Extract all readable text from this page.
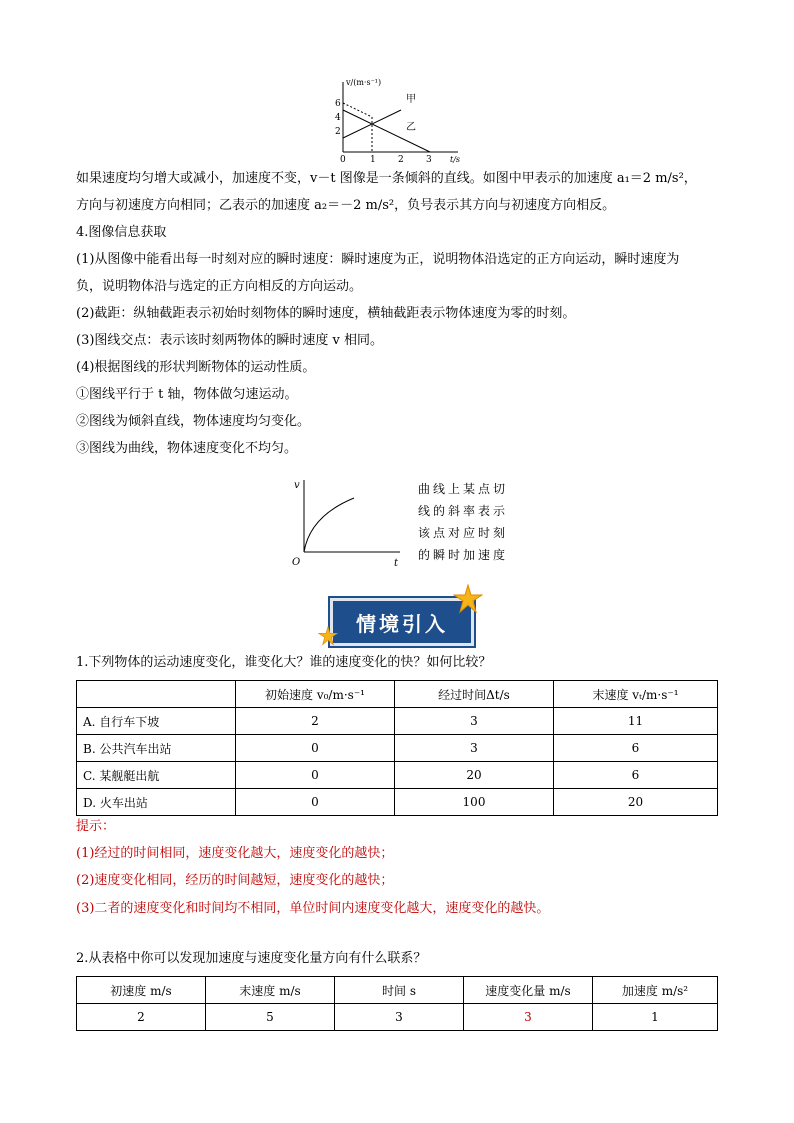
v/(m·s⁻¹)
t/s
6
4
2
0	1 2 3
甲
乙
如果速度均匀增大或减小，加速度不变，v－t 图像是一条倾斜的直线。如图中甲表示的加速度 a₁＝2 m/s²，
方向与初速度方向相同；乙表示的加速度 a₂＝－2 m/s²，负号表示其方向与初速度方向相反。
4.图像信息获取
(1)从图像中能看出每一时刻对应的瞬时速度：瞬时速度为正，说明物体沿选定的正方向运动，瞬时速度为
负，说明物体沿与选定的正方向相反的方向运动。
(2)截距：纵轴截距表示初始时刻物体的瞬时速度，横轴截距表示物体速度为零的时刻。
(3)图线交点：表示该时刻两物体的瞬时速度 v 相同。
(4)根据图线的形状判断物体的运动性质。
①图线平行于 t 轴，物体做匀速运动。
②图线为倾斜直线，物体速度均匀变化。
③图线为曲线，物体速度变化不均匀。
v
t
O
曲线上某点切
线的斜率表示
该点对应时刻
的瞬时加速度
情境引入
1.下列物体的运动速度变化，谁变化大？谁的速度变化的快？如何比较？
	初始速度 v₀/m·s⁻¹	经过时间Δt/s	末速度 vₜ/m·s⁻¹
A. 自行车下坡	2	3	11
B. 公共汽车出站	0	3	6
C. 某舰艇出航	0	20	6
D. 火车出站	0	100	20
提示：
(1)经过的时间相同，速度变化越大，速度变化的越快；
(2)速度变化相同，经历的时间越短，速度变化的越快；
(3)二者的速度变化和时间均不相同，单位时间内速度变化越大，速度变化的越快。
2.从表格中你可以发现加速度与速度变化量方向有什么联系？
初速度 m/s	末速度 m/s	时间 s	速度变化量 m/s	加速度 m/s²
2	5	3	3	1
